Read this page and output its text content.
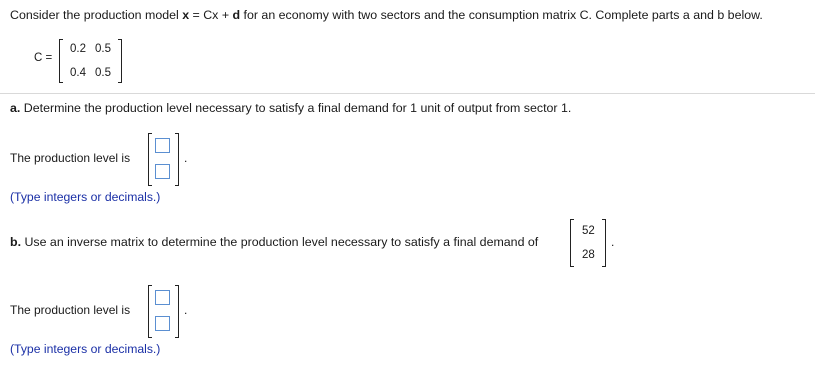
Consider the production model x = Cx + d for an economy with two sectors and the consumption matrix C. Complete parts a and b below.
C =
0.2 0.5
0.4 0.5
a. Determine the production level necessary to satisfy a final demand for 1 unit of output from sector 1.
The production level is	.
(Type integers or decimals.)
b. Use an inverse matrix to determine the production level necessary to satisfy a final demand of
52
28
.
The production level is	.
(Type integers or decimals.)
